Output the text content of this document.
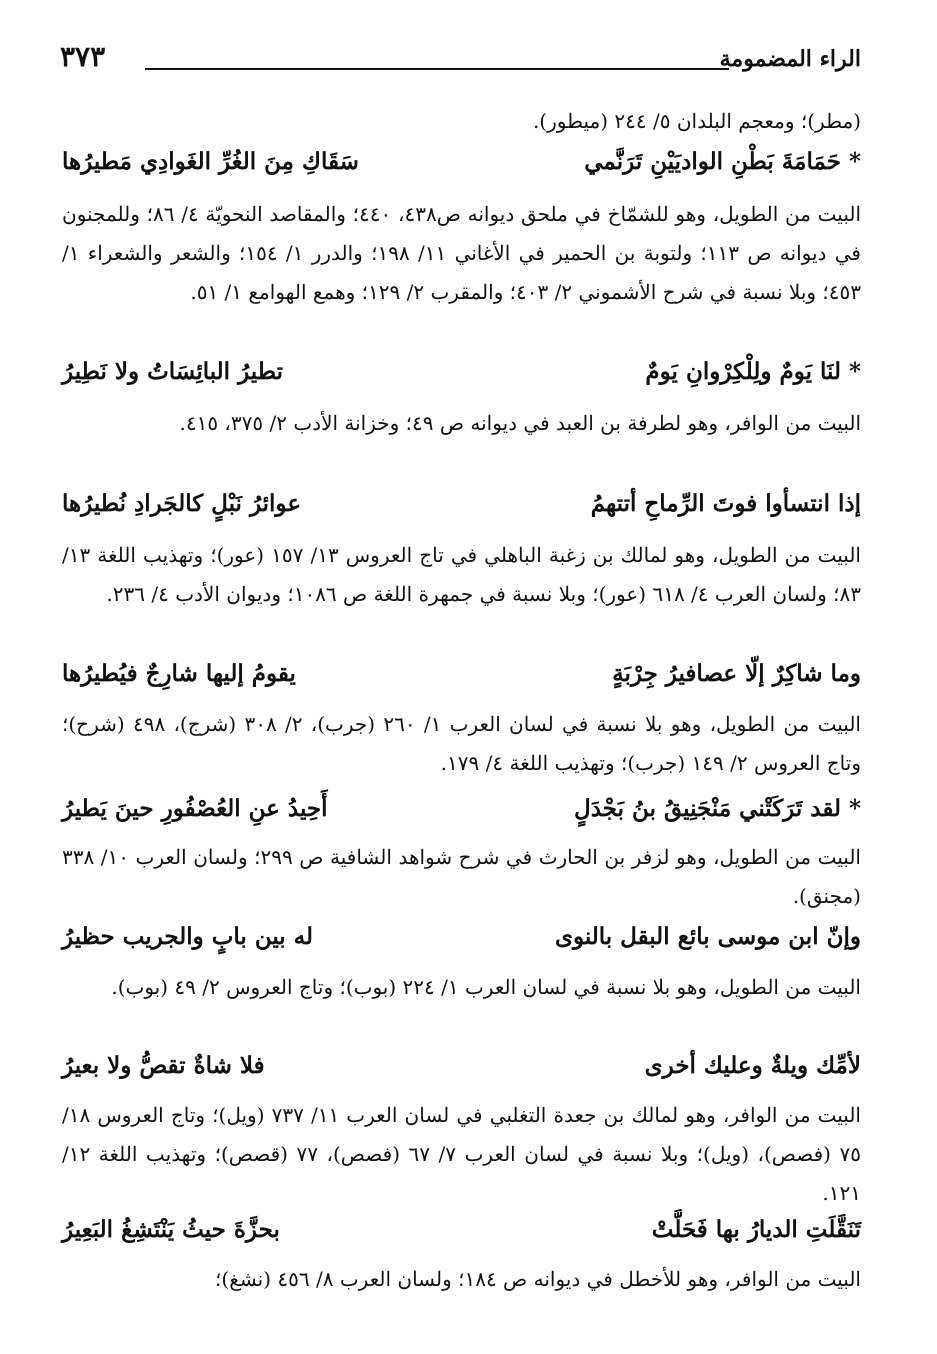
الراء المضمومة
٣٧٣
(مطر)؛ ومعجم البلدان ٥/ ٢٤٤ (ميطور).
* حَمَامَةَ بَطْنِ الواديَيْنِ تَرَنَّمي
سَقَاكِ مِنَ الغُرِّ الغَوادِي مَطيرُها
البيت من الطويل، وهو للشمّاخ في ملحق ديوانه ص٤٣٨، ٤٤٠؛ والمقاصد النحويّة ٤/ ٨٦؛ وللمجنون في ديوانه ص ١١٣؛ ولتوبة بن الحمير في الأغاني ١١/ ١٩٨؛ والدرر ١/ ١٥٤؛ والشعر والشعراء ١/ ٤٥٣؛ وبلا نسبة في شرح الأشموني ٢/ ٤٠٣؛ والمقرب ٢/ ١٢٩؛ وهمع الهوامع ١/ ٥١.
* لنَا يَومٌ ولِلْكِرْوانِ يَومٌ
تطيرُ البائِسَاتُ ولا نَطِيرُ
البيت من الوافر، وهو لطرفة بن العبد في ديوانه ص ٤٩؛ وخزانة الأدب ٢/ ٣٧٥، ٤١٥.
إذا انتسأوا فوتَ الرِّماحِ أتتهمُ
عوائرُ نَبْلٍ كالجَرادِ نُطيرُها
البيت من الطويل، وهو لمالك بن زغبة الباهلي في تاج العروس ١٣/ ١٥٧ (عور)؛ وتهذيب اللغة ١٣/ ٨٣؛ ولسان العرب ٤/ ٦١٨ (عور)؛ وبلا نسبة في جمهرة اللغة ص ١٠٨٦؛ وديوان الأدب ٤/ ٢٣٦.
وما شاكِرٌ إلّا عصافيرُ جِرْبَةٍ
يقومُ إليها شارِجٌ فيُطيرُها
البيت من الطويل، وهو بلا نسبة في لسان العرب ١/ ٢٦٠ (جرب)، ٢/ ٣٠٨ (شرج)، ٤٩٨ (شرح)؛ وتاج العروس ٢/ ١٤٩ (جرب)؛ وتهذيب اللغة ٤/ ١٧٩.
* لقد تَرَكَتْني مَنْجَنِيقُ بنُ بَجْدَلٍ
أَحِيدُ عنِ العُصْفُورِ حينَ يَطيرُ
البيت من الطويل، وهو لزفر بن الحارث في شرح شواهد الشافية ص ٢٩٩؛ ولسان العرب ١٠/ ٣٣٨ (مجنق).
وإنّ ابن موسى بائع البقل بالنوى
له بين بابٍ والجريب حظيرُ
البيت من الطويل، وهو بلا نسبة في لسان العرب ١/ ٢٢٤ (بوب)؛ وتاج العروس ٢/ ٤٩ (بوب).
لأمِّك ويلةٌ وعليك أخرى
فلا شاةٌ تقصُّ ولا بعيرُ
البيت من الوافر، وهو لمالك بن جعدة التغلبي في لسان العرب ١١/ ٧٣٧ (ويل)؛ وتاج العروس ١٨/ ٧٥ (فصص)، (ويل)؛ وبلا نسبة في لسان العرب ٧/ ٦٧ (فصص)، ٧٧ (قصص)؛ وتهذيب اللغة ١٢/ ١٢١.
تَنَقَّلَتِ الديارُ بها فَحَلَّتْ
بحزَّةَ حيثُ يَنْتَشِغُ البَعِيرُ
البيت من الوافر، وهو للأخطل في ديوانه ص ١٨٤؛ ولسان العرب ٨/ ٤٥٦ (نشغ)؛
